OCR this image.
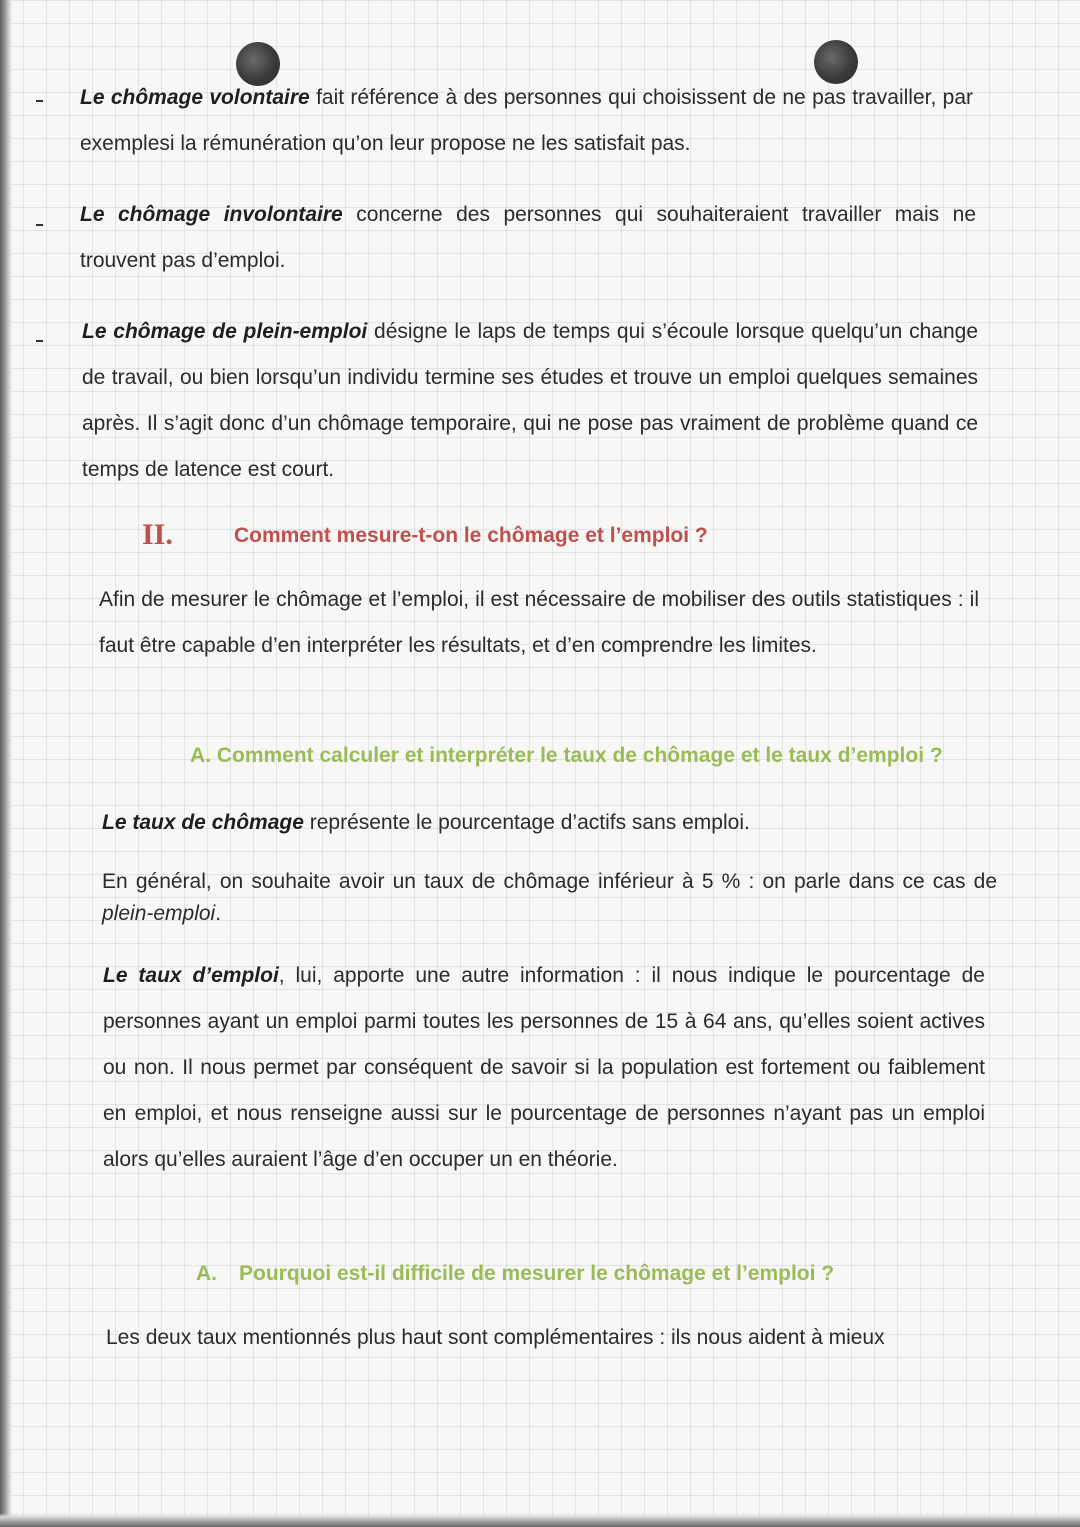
Le chômage volontaire fait référence à des personnes qui choisissent de ne pas travailler, par exemplesi la rémunération qu’on leur propose ne les satisfait pas.

Le chômage involontaire concerne des personnes qui souhaiteraient travailler mais ne trouvent pas d’emploi.

Le chômage de plein-emploi désigne le laps de temps qui s’écoule lorsque quelqu’un change de travail, ou bien lorsqu’un individu termine ses études et trouve un emploi quelques semaines après. Il s’agit donc d’un chômage temporaire, qui ne pose pas vraiment de problème quand ce temps de latence est court.

II.	Comment mesure-t-on le chômage et l’emploi ?

Afin de mesurer le chômage et l’emploi, il est nécessaire de mobiliser des outils statistiques : il faut être capable d’en interpréter les résultats, et d’en comprendre les limites.

A. Comment calculer et interpréter le taux de chômage et le taux d’emploi ?

Le taux de chômage représente le pourcentage d’actifs sans emploi.

En général, on souhaite avoir un taux de chômage inférieur à 5 % : on parle dans ce cas de plein-emploi.

Le taux d’emploi, lui, apporte une autre information : il nous indique le pourcentage de personnes ayant un emploi parmi toutes les personnes de 15 à 64 ans, qu’elles soient actives ou non. Il nous permet par conséquent de savoir si la population est fortement ou faiblement en emploi, et nous renseigne aussi sur le pourcentage de personnes n’ayant pas un emploi alors qu’elles auraient l’âge d’en occuper un en théorie.

A. Pourquoi est-il difficile de mesurer le chômage et l’emploi ?

Les deux taux mentionnés plus haut sont complémentaires : ils nous aident à mieux
